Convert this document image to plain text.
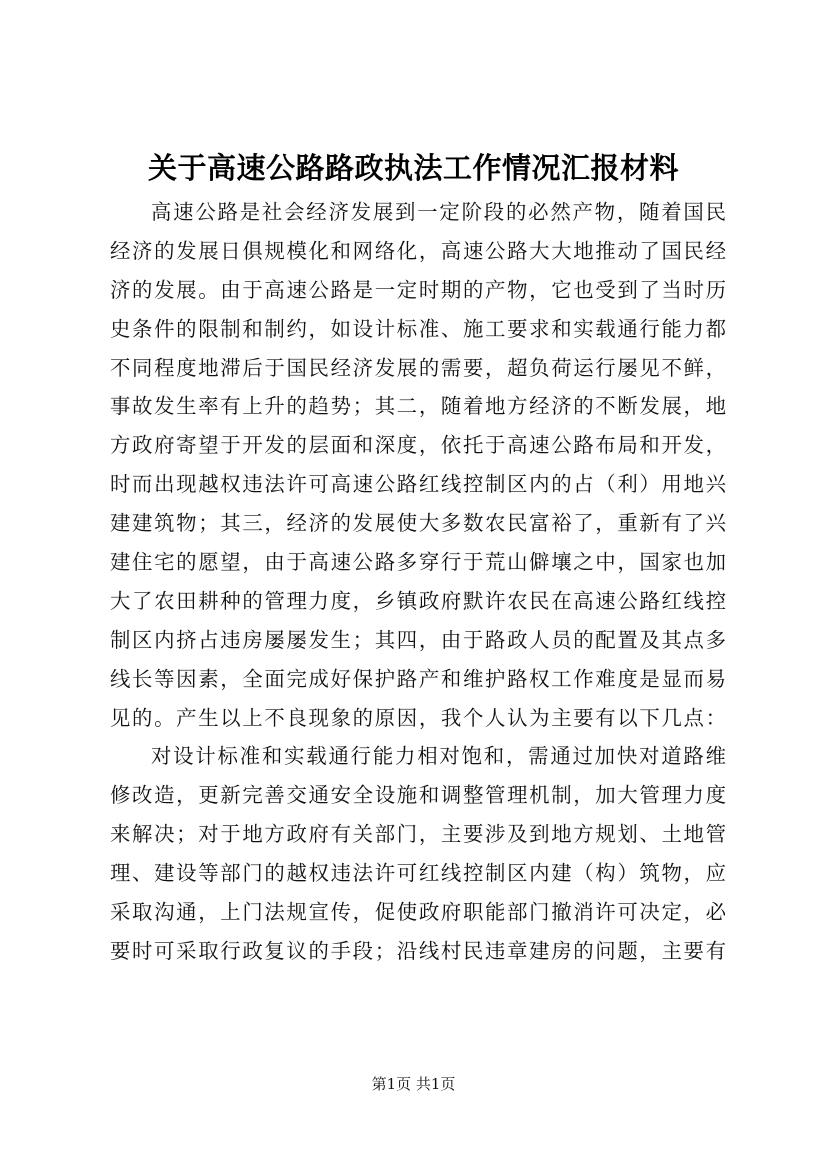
关于高速公路路政执法工作情况汇报材料
高速公路是社会经济发展到一定阶段的必然产物，随着国民
经济的发展日俱规模化和网络化，高速公路大大地推动了国民经
济的发展。由于高速公路是一定时期的产物，它也受到了当时历
史条件的限制和制约，如设计标准、施工要求和实载通行能力都
不同程度地滞后于国民经济发展的需要，超负荷运行屡见不鲜，
事故发生率有上升的趋势；其二，随着地方经济的不断发展，地
方政府寄望于开发的层面和深度，依托于高速公路布局和开发，
时而出现越权违法许可高速公路红线控制区内的占（利）用地兴
建建筑物；其三，经济的发展使大多数农民富裕了，重新有了兴
建住宅的愿望，由于高速公路多穿行于荒山僻壤之中，国家也加
大了农田耕种的管理力度，乡镇政府默许农民在高速公路红线控
制区内挤占违房屡屡发生；其四，由于路政人员的配置及其点多
线长等因素，全面完成好保护路产和维护路权工作难度是显而易
见的。产生以上不良现象的原因，我个人认为主要有以下几点：
对设计标准和实载通行能力相对饱和，需通过加快对道路维
修改造，更新完善交通安全设施和调整管理机制，加大管理力度
来解决；对于地方政府有关部门，主要涉及到地方规划、土地管
理、建设等部门的越权违法许可红线控制区内建（构）筑物，应
采取沟通，上门法规宣传，促使政府职能部门撤消许可决定，必
要时可采取行政复议的手段；沿线村民违章建房的问题，主要有
第1页 共1页
